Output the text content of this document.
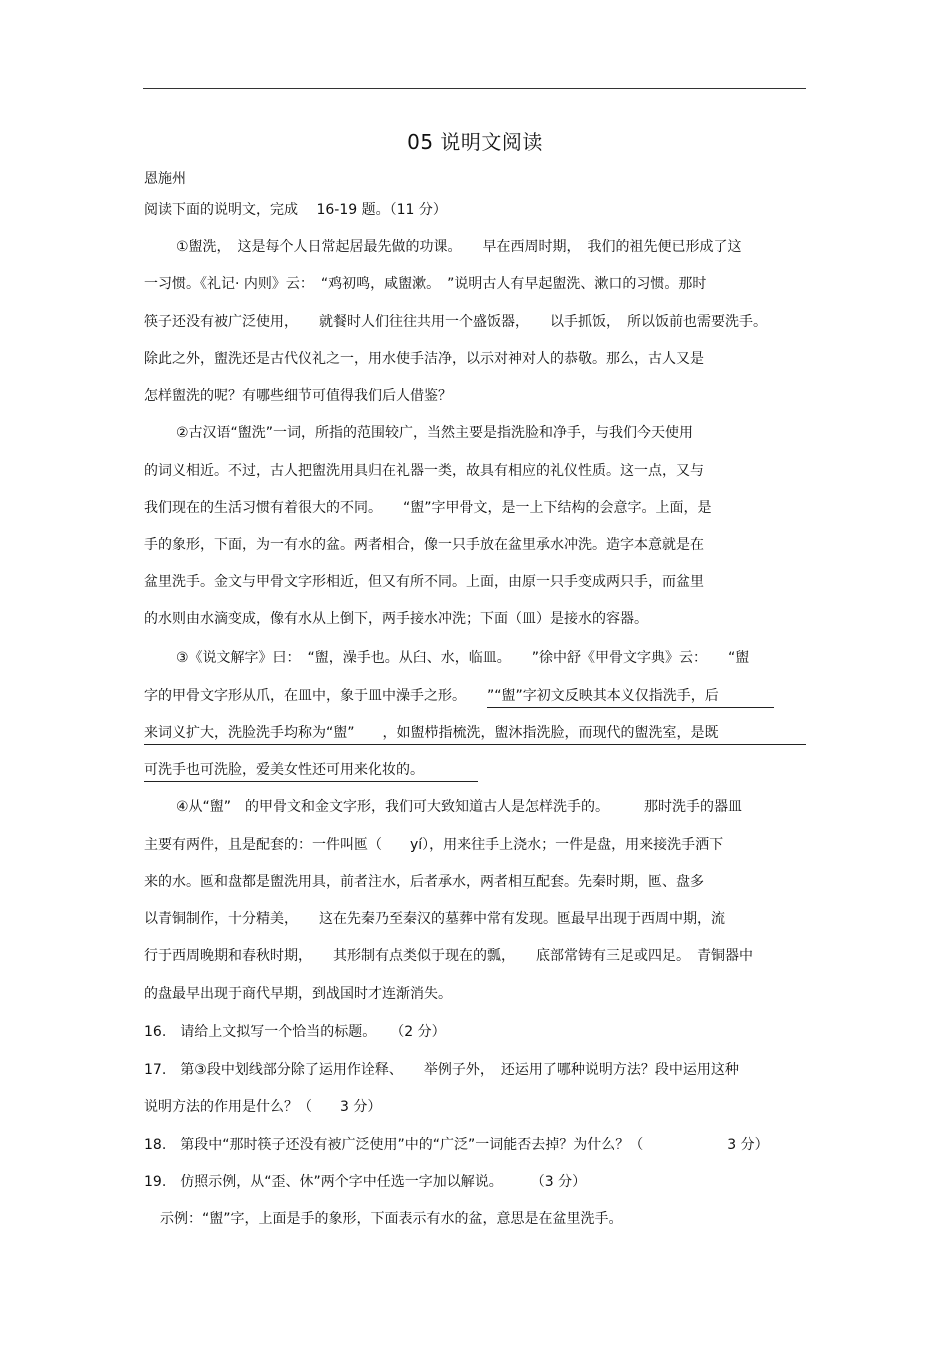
05 说明文阅读
恩施州
阅读下面的说明文，完成　 16-19 题。（11 分）
①盥洗，　这是每个人日常起居最先做的功课。　　早在西周时期，　我们的祖先便已形成了这
一习惯。《礼记· 内则》云：　“鸡初鸣，咸盥漱。　”说明古人有早起盥洗、漱口的习惯。那时
筷子还没有被广泛使用，　　就餐时人们往往共用一个盛饭器，　　以手抓饭，　所以饭前也需要洗手。
除此之外，盥洗还是古代仪礼之一，用水使手洁净，以示对神对人的恭敬。那么，古人又是
怎样盥洗的呢？有哪些细节可值得我们后人借鉴？
②古汉语“盥洗”一词，所指的范围较广，当然主要是指洗脸和净手，与我们今天使用
的词义相近。不过，古人把盥洗用具归在礼器一类，故具有相应的礼仪性质。这一点，又与
我们现在的生活习惯有着很大的不同。　　“盥”字甲骨文，是一上下结构的会意字。上面，是
手的象形，下面，为一有水的盆。两者相合，像一只手放在盆里承水冲洗。造字本意就是在
盆里洗手。金文与甲骨文字形相近，但又有所不同。上面，由原一只手变成两只手，而盆里
的水则由水滴变成，像有水从上倒下，两手接水冲洗；下面（皿）是接水的容器。
③《说文解字》曰：　“盥，澡手也。从臼、水，临皿。　　”徐中舒《甲骨文字典》云：　　“盥
字的甲骨文字形从爪，在皿中，象于皿中澡手之形。　　”“盥”字初文反映其本义仅指洗手，后
来词义扩大，洗脸洗手均称为“盥”　　，如盥栉指梳洗，盥沐指洗脸，而现代的盥洗室，是既
可洗手也可洗脸，爱美女性还可用来化妆的。
④从“盥”　的甲骨文和金文字形，我们可大致知道古人是怎样洗手的。　　　那时洗手的器皿
主要有两件，且是配套的：一件叫匜（　　yí），用来往手上浇水；一件是盘，用来接洗手洒下
来的水。匜和盘都是盥洗用具，前者注水，后者承水，两者相互配套。先秦时期，匜、盘多
以青铜制作，十分精美，　　这在先秦乃至秦汉的墓葬中常有发现。匜最早出现于西周中期，流
行于西周晚期和春秋时期，　　其形制有点类似于现在的瓢，　　底部常铸有三足或四足。　青铜器中
的盘最早出现于商代早期，到战国时才连渐消失。
16.　请给上文拟写一个恰当的标题。　　（2 分）
17.　第③段中划线部分除了运用作诠释、　　举例子外，　还运用了哪种说明方法？段中运用这种
说明方法的作用是什么？（　　3 分）
18.　第段中“那时筷子还没有被广泛使用”中的“广泛”一词能否去掉？为什么？（　　　　　　3 分）
19.　仿照示例，从“歪、休”两个字中任选一字加以解说。　　　（3 分）
示例：“盥”字，上面是手的象形，下面表示有水的盆，意思是在盆里洗手。
